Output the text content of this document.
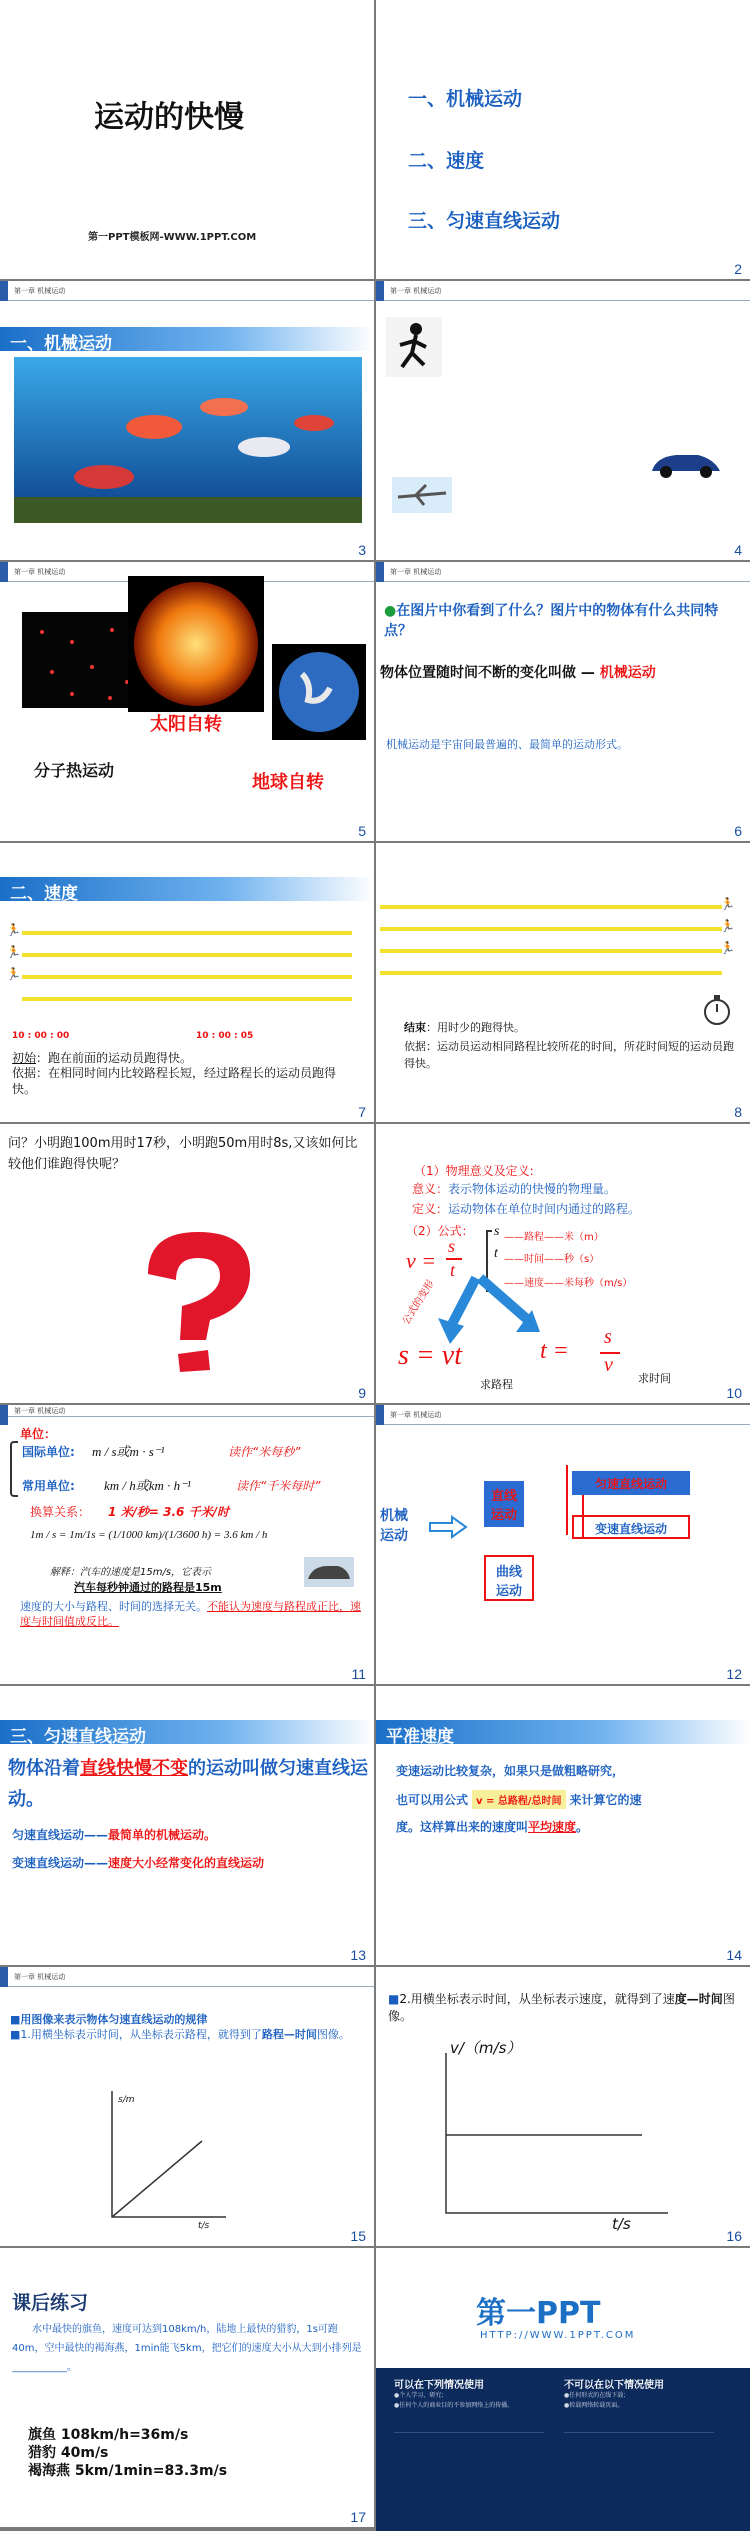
运动的快慢
第一PPT模板网-WWW.1PPT.COM
一、机械运动
二、速度
三、匀速直线运动
2
第一章 机械运动
一、机械运动
3
第一章 机械运动
4
第一章 机械运动
太阳自转
分子热运动
地球自转
5
第一章 机械运动
●在图片中你看到了什么？图片中的物体有什么共同特点？
物体位置随时间不断的变化叫做 — 机械运动
机械运动是宇宙间最普遍的、最简单的运动形式。
6
二、速度
🏃
🏃
🏃
10 : 00 : 00	10 : 00 : 05
初始：跑在前面的运动员跑得快。
依据：在相同时间内比较路程长短，经过路程长的运动员跑得快。
7
🏃
🏃
🏃
结束：用时少的跑得快。
依据：运动员运动相同路程比较所花的时间，所花时间短的运动员跑得快。
8
问？小明跑100m用时17秒，小明跑50m用时8s,又该如何比较他们谁跑得快呢？
9
（1）物理意义及定义:
意义：表示物体运动的快慢的物理量。
定义：运动物体在单位时间内通过的路程。
（2）公式：
v =
s
t
s
t
——路程——米（m）
——时间——秒（s）
——速度——米每秒（m/s）
公式的变形
s = vt
求路程
t =
s
v
求时间
10
第一章 机械运动
单位：
国际单位: m / s或m · s⁻¹	读作“米每秒”
常用单位: km / h或km · h⁻¹	读作“千米每时”
换算关系： 1 米/秒= 3.6 千米/时
1m / s = 1m/1s = (1/1000 km)/(1/3600 h) = 3.6 km / h
解释：汽车的速度是15m/s，它表示
汽车每秒钟通过的路程是15m
速度的大小与路程、时间的选择无关。不能认为速度与路程成正比，速度与时间值成反比。
11
第一章 机械运动
机械运动
直线运动
曲线运动
匀速直线运动
变速直线运动
12
三、匀速直线运动
物体沿着直线快慢不变的运动叫做匀速直线运动。
匀速直线运动——最简单的机械运动。
变速直线运动——速度大小经常变化的直线运动
13
平准速度
变速运动比较复杂，如果只是做粗略研究，
也可以用公式 v = 总路程/总时间 来计算它的速
度。这样算出来的速度叫平均速度。
14
第一章 机械运动
■用图像来表示物体匀速直线运动的规律
■1.用横坐标表示时间，从坐标表示路程，就得到了路程—时间图像。
s/m
t/s
15
■2.用横坐标表示时间，从坐标表示速度，就得到了速度—时间图像。
v/（m/s）
t/s
16
课后练习
水中最快的旗鱼，速度可达到108km/h，陆地上最快的猎豹，1s可跑40m，空中最快的褐海燕，1min能飞5km，把它们的速度大小从大到小排列是___________。
旗鱼 108km/h=36m/s
猎豹 40m/s
褐海燕 5km/1min=83.3m/s
17
第一PPT
HTTP://WWW.1PPT.COM
可以在下列情况使用
●个人学习、研究；
●任何个人的商业目的不参加网络上的传播。
不可以在以下情况使用
●任何形式的在线下载；
●转载网络转载页面。
